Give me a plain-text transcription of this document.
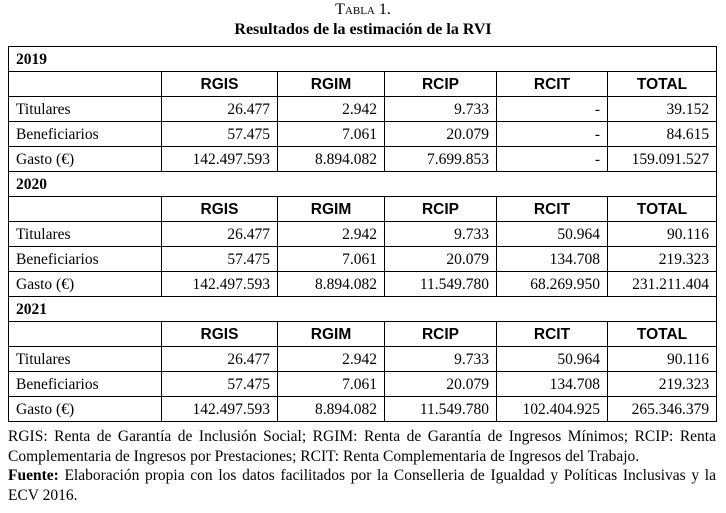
Tabla 1.
Resultados de la estimación de la RVI
2019					
	RGIS	RGIM	RCIP	RCIT	TOTAL
Titulares	26.477	2.942	9.733	-	39.152
Beneficiarios	57.475	7.061	20.079	-	84.615
Gasto (€)	142.497.593	8.894.082	7.699.853	-	159.091.527
2020					
	RGIS	RGIM	RCIP	RCIT	TOTAL
Titulares	26.477	2.942	9.733	50.964	90.116
Beneficiarios	57.475	7.061	20.079	134.708	219.323
Gasto (€)	142.497.593	8.894.082	11.549.780	68.269.950	231.211.404
2021					
	RGIS	RGIM	RCIP	RCIT	TOTAL
Titulares	26.477	2.942	9.733	50.964	90.116
Beneficiarios	57.475	7.061	20.079	134.708	219.323
Gasto (€)	142.497.593	8.894.082	11.549.780	102.404.925	265.346.379

RGIS: Renta de Garantía de Inclusión Social; RGIM: Renta de Garantía de Ingresos Mínimos; RCIP: Renta Complementaria de Ingresos por Prestaciones; RCIT: Renta Complementaria de Ingresos del Trabajo.

Fuente: Elaboración propia con los datos facilitados por la Conselleria de Igualdad y Políticas Inclusivas y la ECV 2016.
